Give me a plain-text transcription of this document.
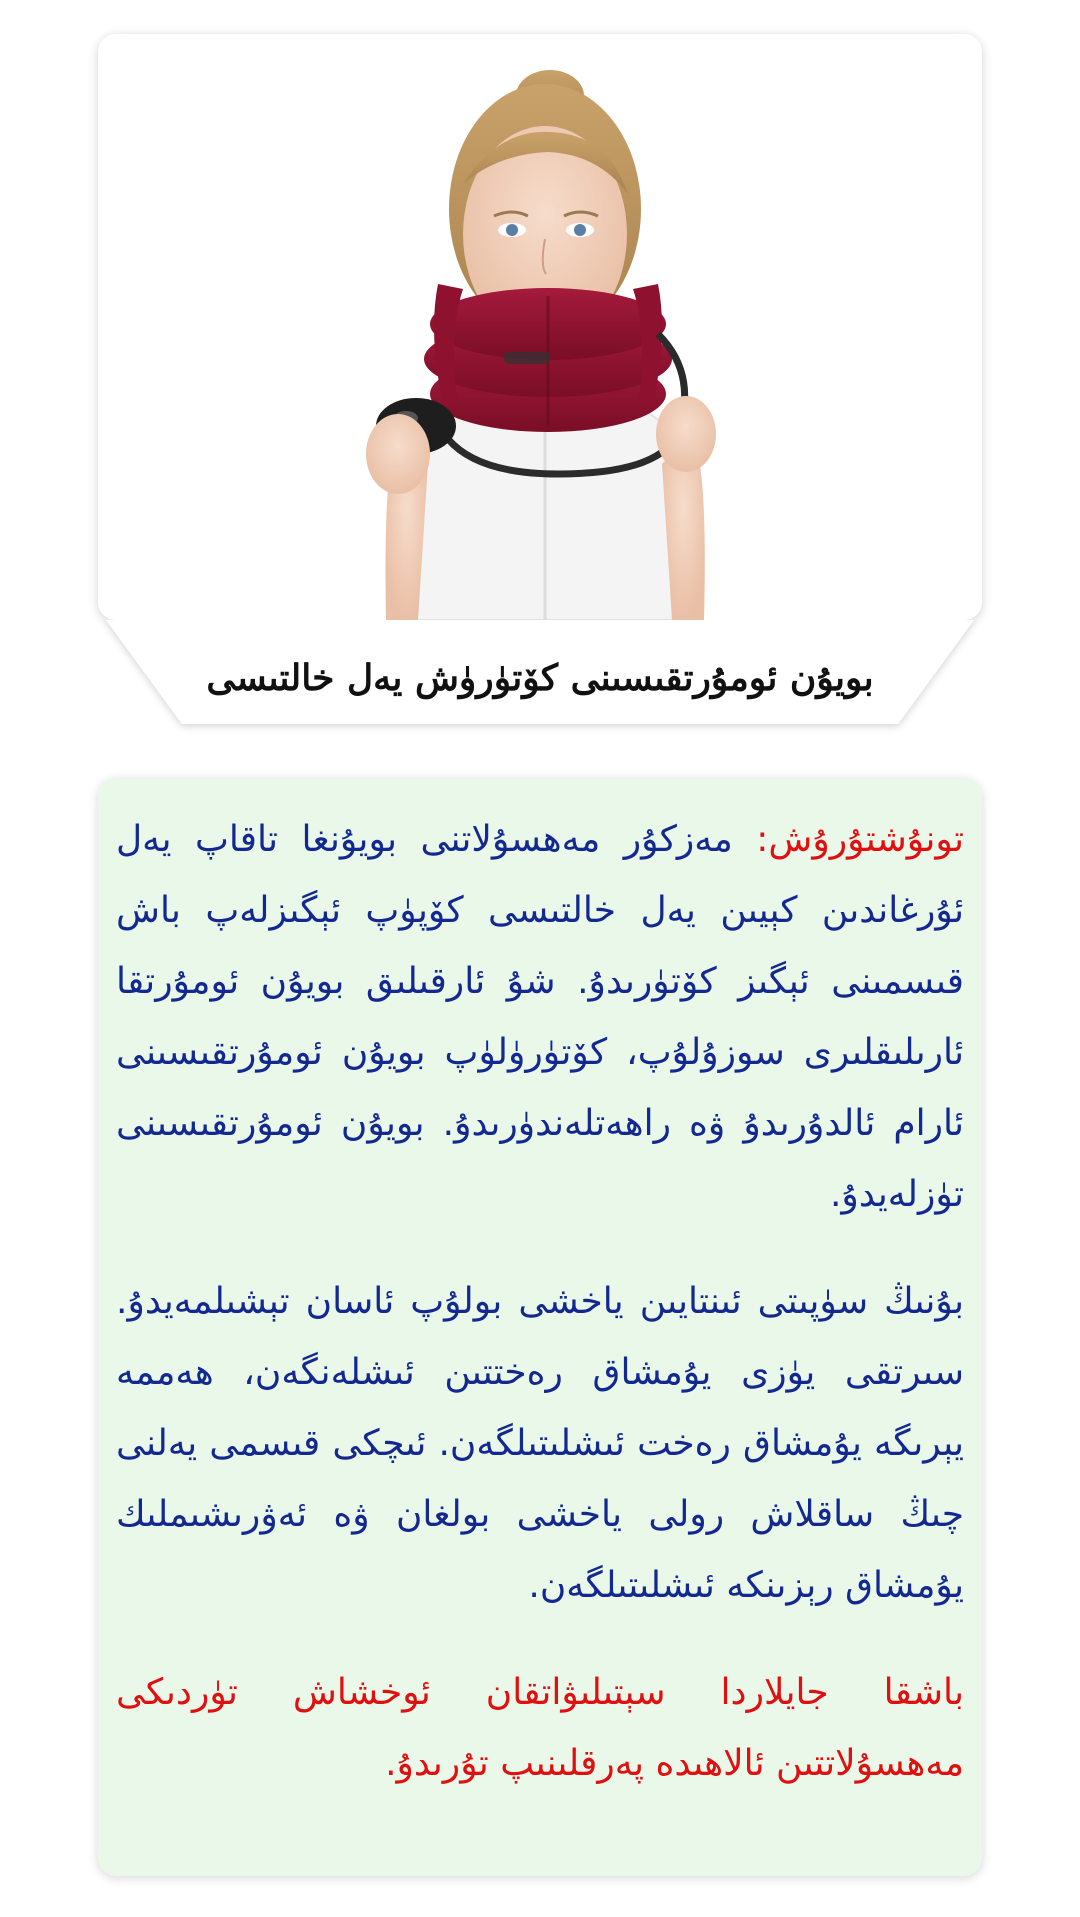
بويۇن ئومۇرتقىسىنى كۆتۈرۈش يەل خالتىسى

تونۇشتۇرۇش: مەزكۇر مەھسۇلاتنى بويۇنغا تاقاپ يەل ئۇرغاندىن كېيىن يەل خالتىسى كۆپۈپ ئېگىزلەپ باش قىسمىنى ئېگىز كۆتۈرىدۇ. شۇ ئارقىلىق بويۇن ئومۇرتقا ئارىلىقلىرى سوزۇلۇپ، كۆتۈرۈلۈپ بويۇن ئومۇرتقىسىنى ئارام ئالدۇرىدۇ ۋە راھەتلەندۈرىدۇ. بويۇن ئومۇرتقىسىنى تۈزلەيدۇ.

بۇنىڭ سۈپىتى ئىنتايىن ياخشى بولۇپ ئاسان تېشىلمەيدۇ. سىرتقى يۈزى يۇمشاق رەختتىن ئىشلەنگەن، ھەممە يېرىگە يۇمشاق رەخت ئىشلىتىلگەن. ئىچكى قىسمى يەلنى چىڭ ساقلاش رولى ياخشى بولغان ۋە ئەۋرىشىملىك يۇمشاق رېزىنكە ئىشلىتىلگەن.

باشقا جايلاردا سېتىلىۋاتقان ئوخشاش تۈردىكى مەھسۇلاتتىن ئالاھىدە پەرقلىنىپ تۇرىدۇ.
